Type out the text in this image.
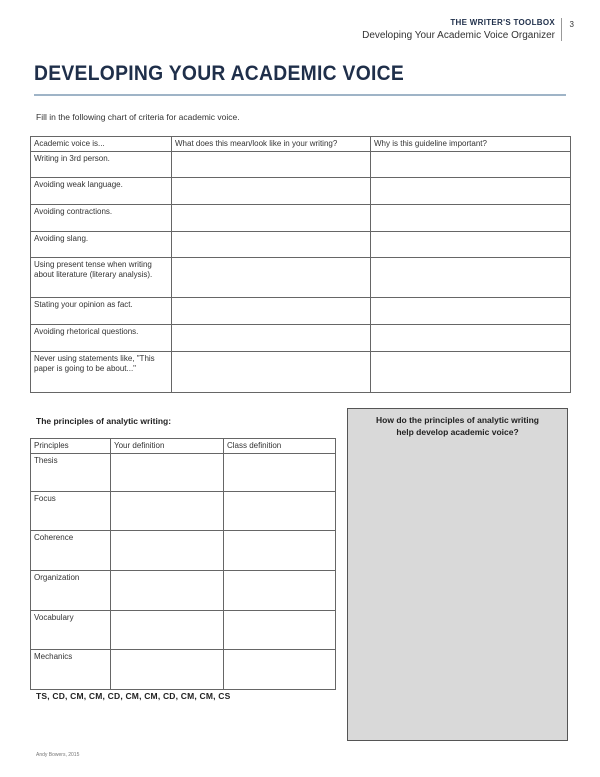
THE WRITER'S TOOLBOX
Developing Your Academic Voice Organizer
3
DEVELOPING YOUR ACADEMIC VOICE
Fill in the following chart of criteria for academic voice.
Academic voice is...	What does this mean/look like in your writing?	Why is this guideline important?
Writing in 3rd person.		
Avoiding weak language.		
Avoiding contractions.		
Avoiding slang.		
Using present tense when writing about literature (literary analysis).		
Stating your opinion as fact.		
Avoiding rhetorical questions.		
Never using statements like, "This paper is going to be about..."		
The principles of analytic writing:
Principles	Your definition	Class definition
Thesis		
Focus		
Coherence		
Organization		
Vocabulary		
Mechanics		
TS, CD, CM, CM, CD, CM, CM, CD, CM, CM, CS
How do the principles of analytic writing help develop academic voice?
Andy Bowers, 2015
